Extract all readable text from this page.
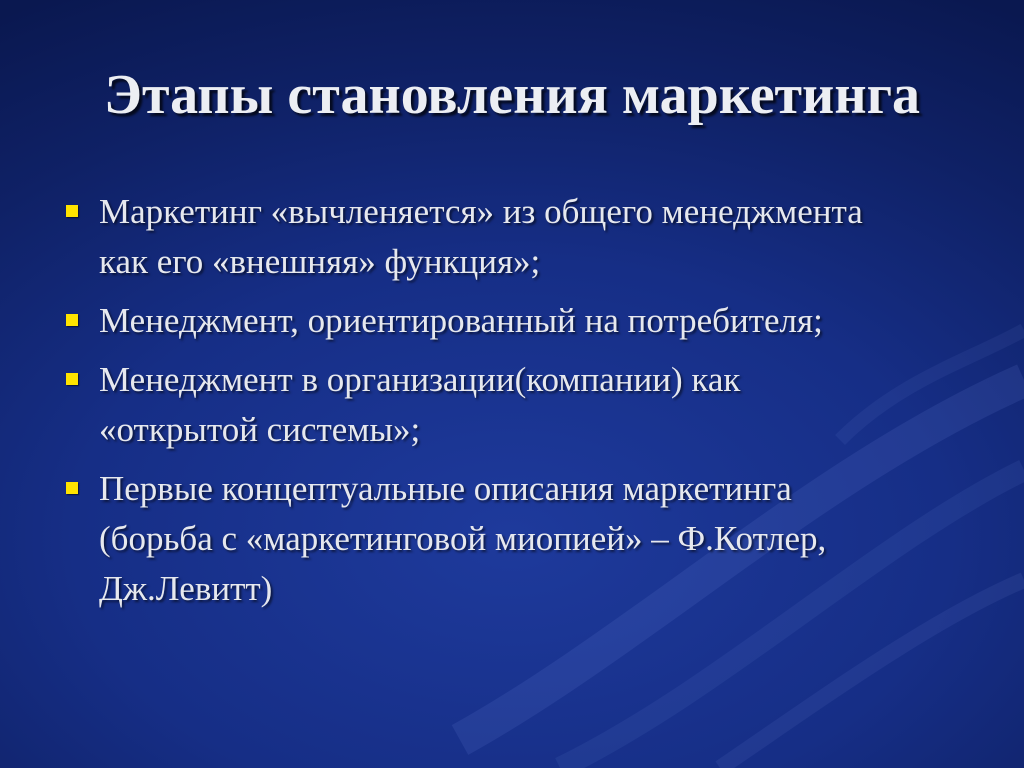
Этапы становления маркетинга
Маркетинг «вычленяется» из общего менеджмента
как его «внешняя» функция»;
Менеджмент, ориентированный на потребителя;
Менеджмент в организации(компании) как
«открытой системы»;
Первые концептуальные описания маркетинга
(борьба с «маркетинговой миопией» – Ф.Котлер,
Дж.Левитт)
